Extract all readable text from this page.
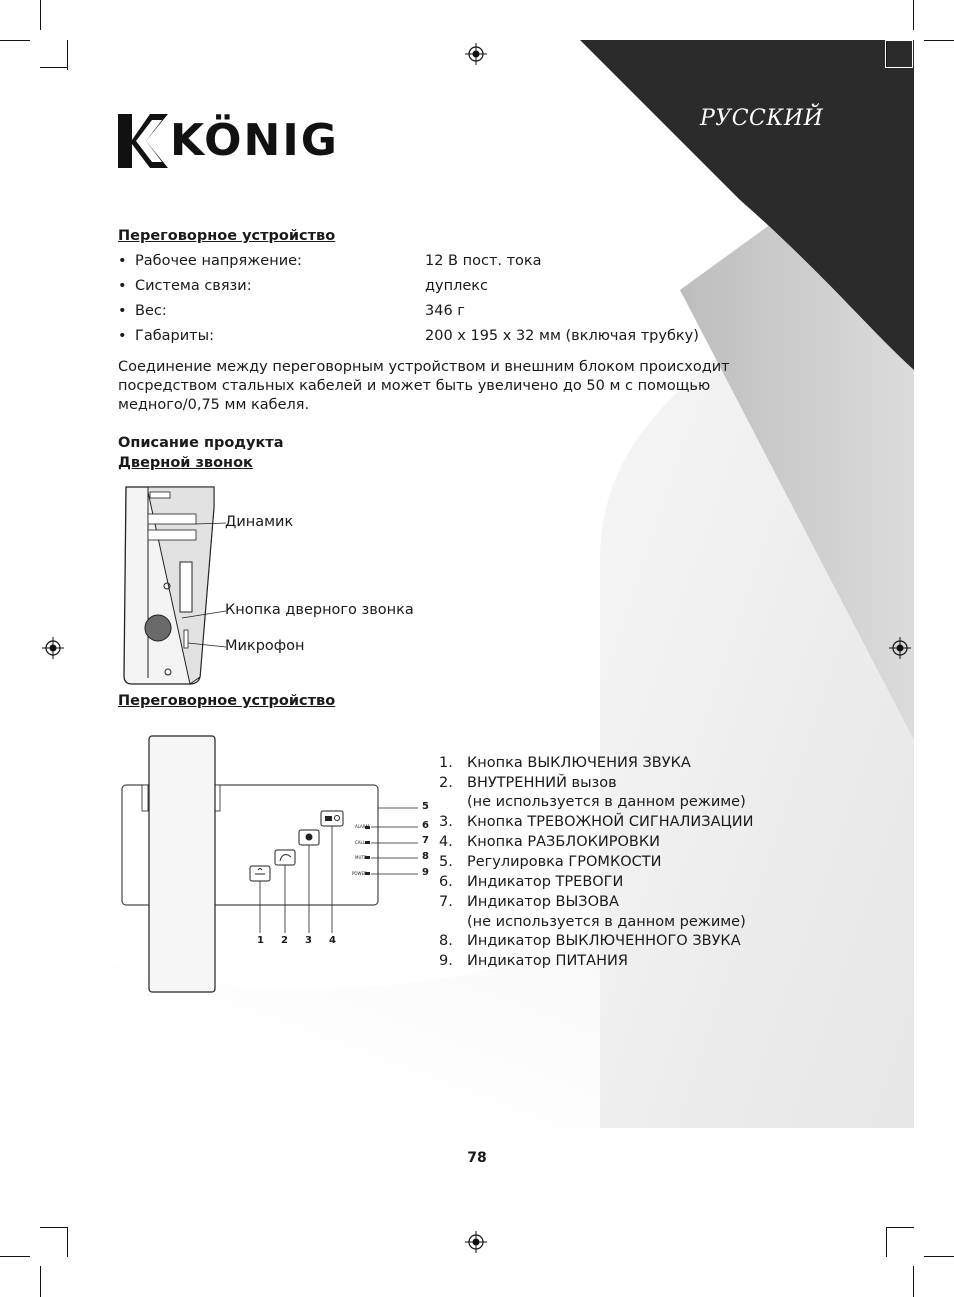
РУССКИЙ
KÖNIG
Переговорное устройство
• Рабочее напряжение:	12 В пост. тока
• Система связи:	дуплекс
• Вес:	346 г
• Габариты:	200 x 195 x 32 мм (включая трубку)
Соединение между переговорным устройством и внешним блоком происходит
посредством стальных кабелей и может быть увеличено до 50 м с помощью
медного/0,75 мм кабеля.
Описание продукта
Дверной звонок
Динамик
Кнопка дверного звонка
Микрофон
Переговорное устройство
ALARM
CALL
MUTE
POWER
5
6
7
8
9
1 2 3 4
1. Кнопка ВЫКЛЮЧЕНИЯ ЗВУКА
2. ВНУТРЕННИЙ вызов
(не используется в данном режиме)
3. Кнопка ТРЕВОЖНОЙ СИГНАЛИЗАЦИИ
4. Кнопка РАЗБЛОКИРОВКИ
5. Регулировка ГРОМКОСТИ
6. Индикатор ТРЕВОГИ
7. Индикатор ВЫЗОВА
(не используется в данном режиме)
8. Индикатор ВЫКЛЮЧЕННОГО ЗВУКА
9. Индикатор ПИТАНИЯ
78
